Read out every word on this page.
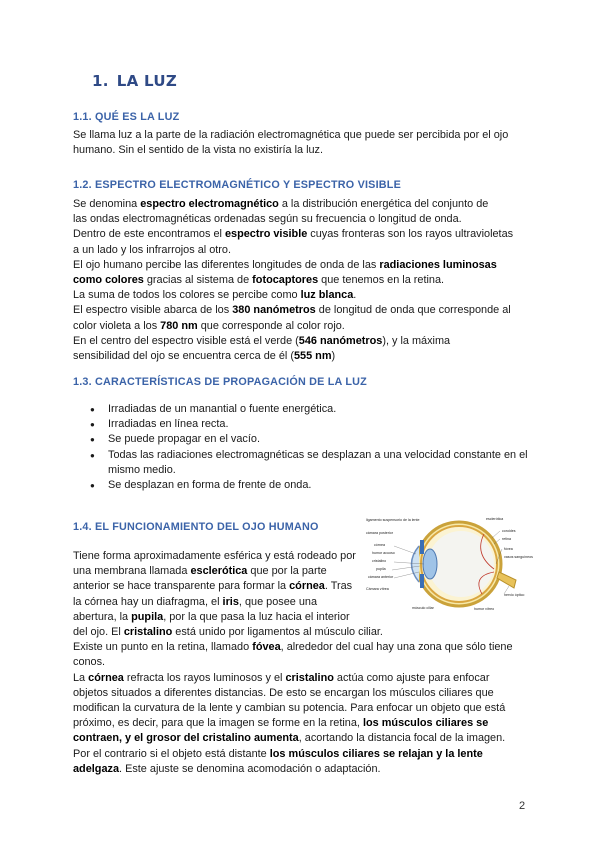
1. LA LUZ
1.1. QUÉ ES LA LUZ
Se llama luz a la parte de la radiación electromagnética que puede ser percibida por el ojo
humano. Sin el sentido de la vista no existiría la luz.
1.2. ESPECTRO ELECTROMAGNÉTICO Y ESPECTRO VISIBLE
Se denomina espectro electromagnético a la distribución energética del conjunto de
las ondas electromagnéticas ordenadas según su frecuencia o longitud de onda.
Dentro de este encontramos el espectro visible cuyas fronteras son los rayos ultravioletas
a un lado y los infrarrojos al otro.
El ojo humano percibe las diferentes longitudes de onda de las radiaciones luminosas
como colores gracias al sistema de fotocaptores que tenemos en la retina.
La suma de todos los colores se percibe como luz blanca.
El espectro visible abarca de los 380 nanómetros de longitud de onda que corresponde al
color violeta a los 780 nm que corresponde al color rojo.
En el centro del espectro visible está el verde (546 nanómetros), y la máxima
sensibilidad del ojo se encuentra cerca de él (555 nm)
1.3. CARACTERÍSTICAS DE PROPAGACIÓN DE LA LUZ
● Irradiadas de un manantial o fuente energética.
● Irradiadas en línea recta.
● Se puede propagar en el vacío.
● Todas las radiaciones electromagnéticas se desplazan a una velocidad constante en el mismo medio.
● Se desplazan en forma de frente de onda.
1.4. EL FUNCIONAMIENTO DEL OJO HUMANO
Tiene forma aproximadamente esférica y está rodeado por
una membrana llamada esclerótica que por la parte
anterior se hace transparente para formar la córnea. Tras
la córnea hay un diafragma, el iris, que posee una
abertura, la pupila, por la que pasa la luz hacia el interior
del ojo. El cristalino está unido por ligamentos al músculo ciliar.
Existe un punto en la retina, llamado fóvea, alrededor del cual hay una zona que sólo tiene
conos.
La córnea refracta los rayos luminosos y el cristalino actúa como ajuste para enfocar
objetos situados a diferentes distancias. De esto se encargan los músculos ciliares que
modifican la curvatura de la lente y cambian su potencia. Para enfocar un objeto que está
próximo, es decir, para que la imagen se forme en la retina, los músculos ciliares se
contraen, y el grosor del cristalino aumenta, acortando la distancia focal de la imagen.
Por el contrario si el objeto está distante los músculos ciliares se relajan y la lente
adelgaza. Este ajuste se denomina acomodación o adaptación.
ligamento suspensorio de la lente
cámara posterior
córnea
humor acuoso
cristalino
pupila
cámara anterior
Cámara vítrea
músculo ciliar
esclerótica
coroides
retina
fóvea
vasos sanguíneos
nervio óptico
humor vítreo
2
